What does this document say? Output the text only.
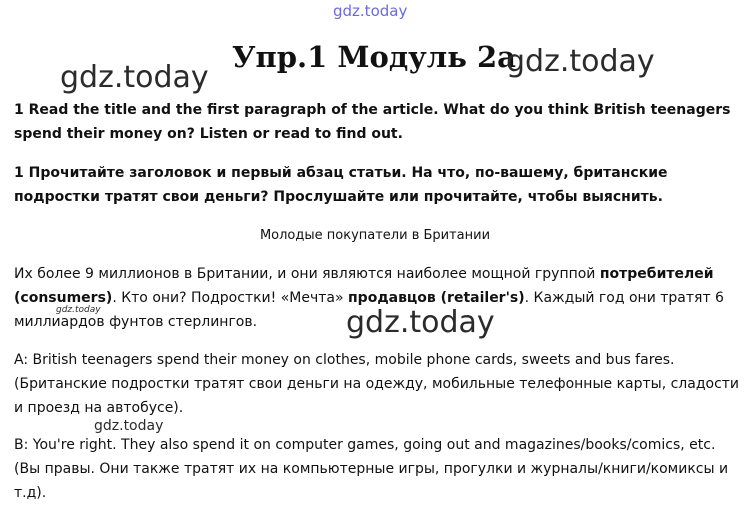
gdz.today
Упр.1 Модуль 2а
gdz.today	gdz.today
1 Read the title and the first paragraph of the article. What do you think British teenagers spend their money on? Listen or read to find out.
1 Прочитайте заголовок и первый абзац статьи. На что, по-вашему, британские подростки тратят свои деньги? Прослушайте или прочитайте, чтобы выяснить.
Молодые покупатели в Британии
Их более 9 миллионов в Британии, и они являются наиболее мощной группой потребителей (consumers). Кто они? Подростки! «Мечта» продавцов (retailer's). Каждый год они тратят 6 миллиардов фунтов стерлингов.
gdz.today	gdz.today
A: British teenagers spend their money on clothes, mobile phone cards, sweets and bus fares. (Британские подростки тратят свои деньги на одежду, мобильные телефонные карты, сладости и проезд на автобусе).
gdz.today
B: You're right. They also spend it on computer games, going out and magazines/books/comics, etc. (Вы правы. Они также тратят их на компьютерные игры, прогулки и журналы/книги/комиксы и т.д).
